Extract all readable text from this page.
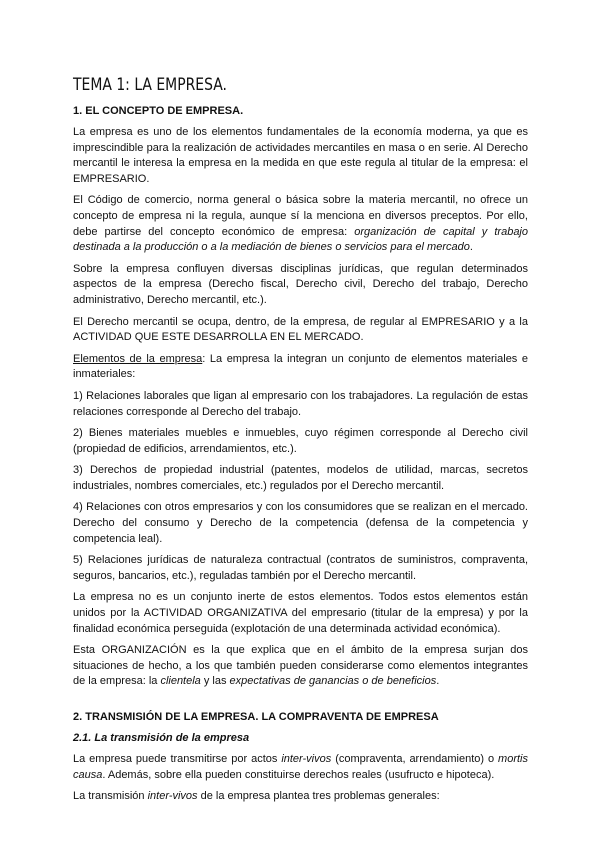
TEMA 1: LA EMPRESA.
1. EL CONCEPTO DE EMPRESA.

La empresa es uno de los elementos fundamentales de la economía moderna, ya que es imprescindible para la realización de actividades mercantiles en masa o en serie. Al Derecho mercantil le interesa la empresa en la medida en que este regula al titular de la empresa: el EMPRESARIO.

El Código de comercio, norma general o básica sobre la materia mercantil, no ofrece un concepto de empresa ni la regula, aunque sí la menciona en diversos preceptos. Por ello, debe partirse del concepto económico de empresa: organización de capital y trabajo destinada a la producción o a la mediación de bienes o servicios para el mercado.

Sobre la empresa confluyen diversas disciplinas jurídicas, que regulan determinados aspectos de la empresa (Derecho fiscal, Derecho civil, Derecho del trabajo, Derecho administrativo, Derecho mercantil, etc.).

El Derecho mercantil se ocupa, dentro, de la empresa, de regular al EMPRESARIO y a la ACTIVIDAD QUE ESTE DESARROLLA EN EL MERCADO.

Elementos de la empresa: La empresa la integran un conjunto de elementos materiales e inmateriales:

1) Relaciones laborales que ligan al empresario con los trabajadores. La regulación de estas relaciones corresponde al Derecho del trabajo.

2) Bienes materiales muebles e inmuebles, cuyo régimen corresponde al Derecho civil (propiedad de edificios, arrendamientos, etc.).

3) Derechos de propiedad industrial (patentes, modelos de utilidad, marcas, secretos industriales, nombres comerciales, etc.) regulados por el Derecho mercantil.

4) Relaciones con otros empresarios y con los consumidores que se realizan en el mercado. Derecho del consumo y Derecho de la competencia (defensa de la competencia y competencia leal).

5) Relaciones jurídicas de naturaleza contractual (contratos de suministros, compraventa, seguros, bancarios, etc.), reguladas también por el Derecho mercantil.

La empresa no es un conjunto inerte de estos elementos. Todos estos elementos están unidos por la ACTIVIDAD ORGANIZATIVA del empresario (titular de la empresa) y por la finalidad económica perseguida (explotación de una determinada actividad económica).

Esta ORGANIZACIÓN es la que explica que en el ámbito de la empresa surjan dos situaciones de hecho, a los que también pueden considerarse como elementos integrantes de la empresa: la clientela y las expectativas de ganancias o de beneficios.

2. TRANSMISIÓN DE LA EMPRESA. LA COMPRAVENTA DE EMPRESA
2.1. La transmisión de la empresa

La empresa puede transmitirse por actos inter-vivos (compraventa, arrendamiento) o mortis causa. Además, sobre ella pueden constituirse derechos reales (usufructo e hipoteca).

La transmisión inter-vivos de la empresa plantea tres problemas generales:
